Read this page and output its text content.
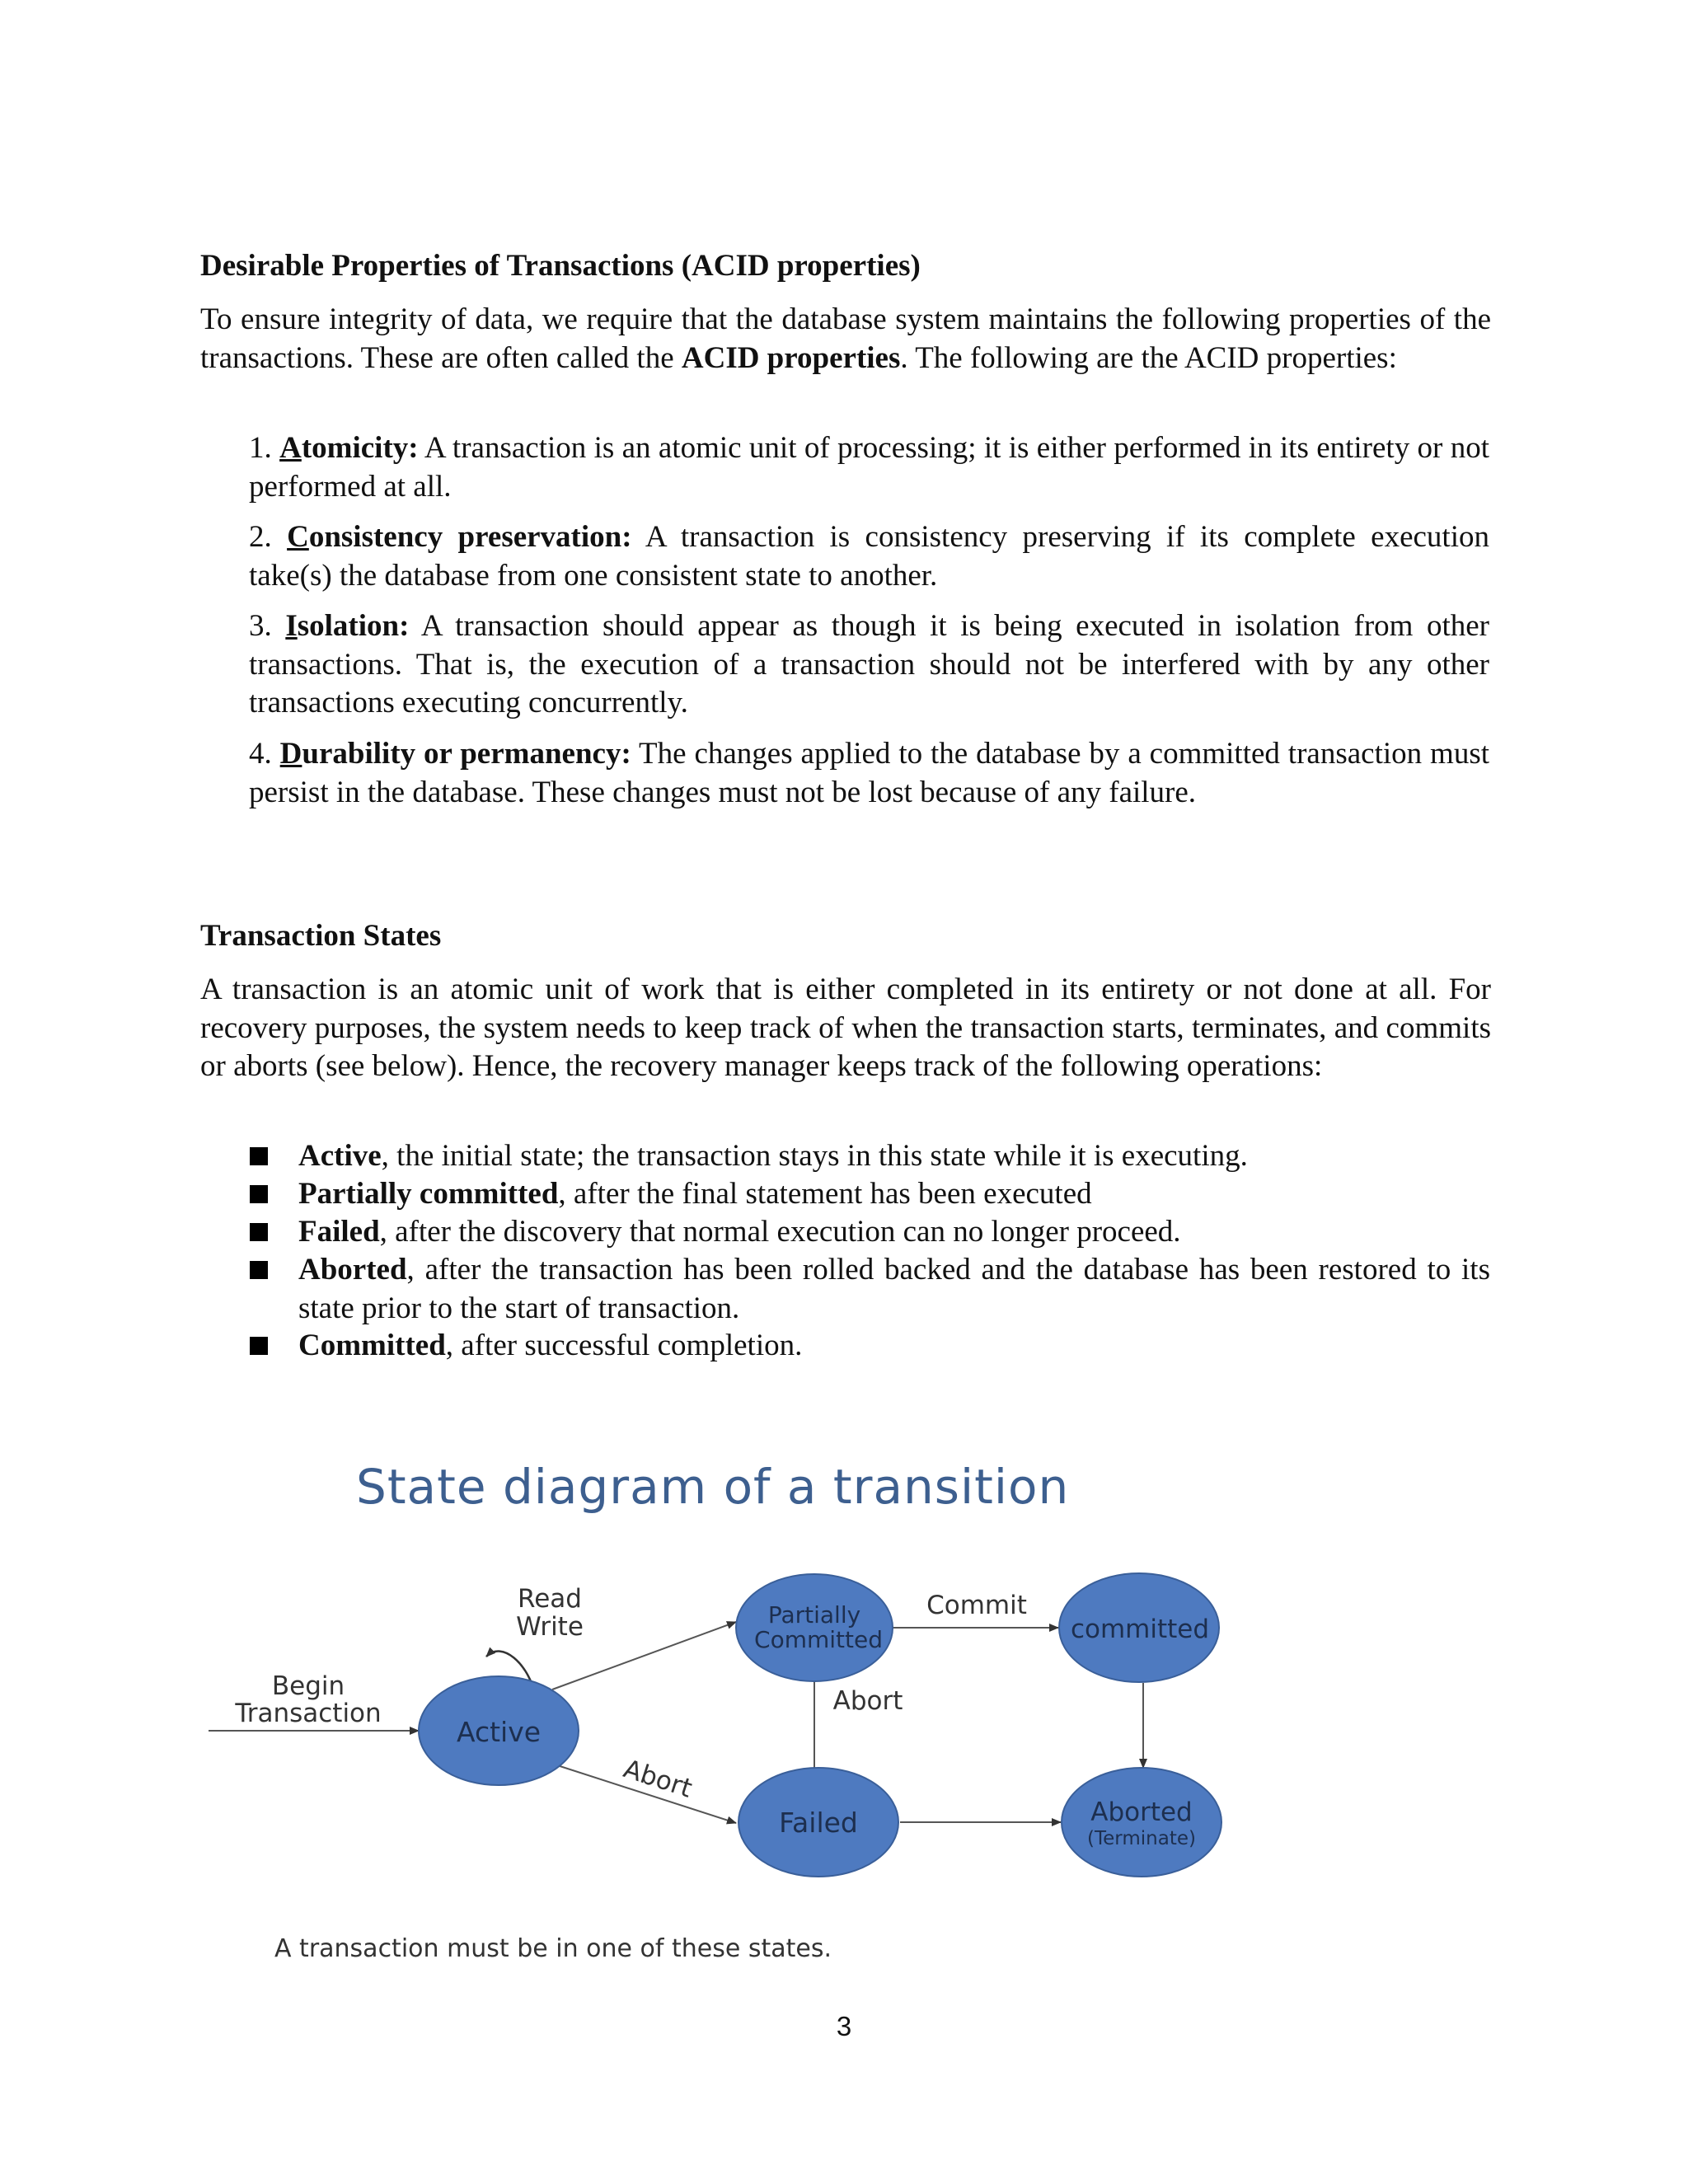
Desirable Properties of Transactions (ACID properties)
To ensure integrity of data, we require that the database system maintains the following properties of the transactions. These are often called the ACID properties. The following are the ACID properties:
1. Atomicity: A transaction is an atomic unit of processing; it is either performed in its entirety or not performed at all.
2. Consistency preservation: A transaction is consistency preserving if its complete execution take(s) the database from one consistent state to another.
3. Isolation: A transaction should appear as though it is being executed in isolation from other transactions. That is, the execution of a transaction should not be interfered with by any other transactions executing concurrently.
4. Durability or permanency: The changes applied to the database by a committed transaction must persist in the database. These changes must not be lost because of any failure.
Transaction States
A transaction is an atomic unit of work that is either completed in its entirety or not done at all. For recovery purposes, the system needs to keep track of when the transaction starts, terminates, and commits or aborts (see below). Hence, the recovery manager keeps track of the following operations:
Active, the initial state; the transaction stays in this state while it is executing.
Partially committed, after the final statement has been executed
Failed, after the discovery that normal execution can no longer proceed.
Aborted, after the transaction has been rolled backed and the database has been restored to its state prior to the start of transaction.
Committed, after successful completion.
State diagram of a transition
Active
Partially
Committed	committed
Failed	Aborted
(Terminate)
Read
Write
Begin
Transaction
Commit
Abort
Abort
A transaction must be in one of these states.
3
